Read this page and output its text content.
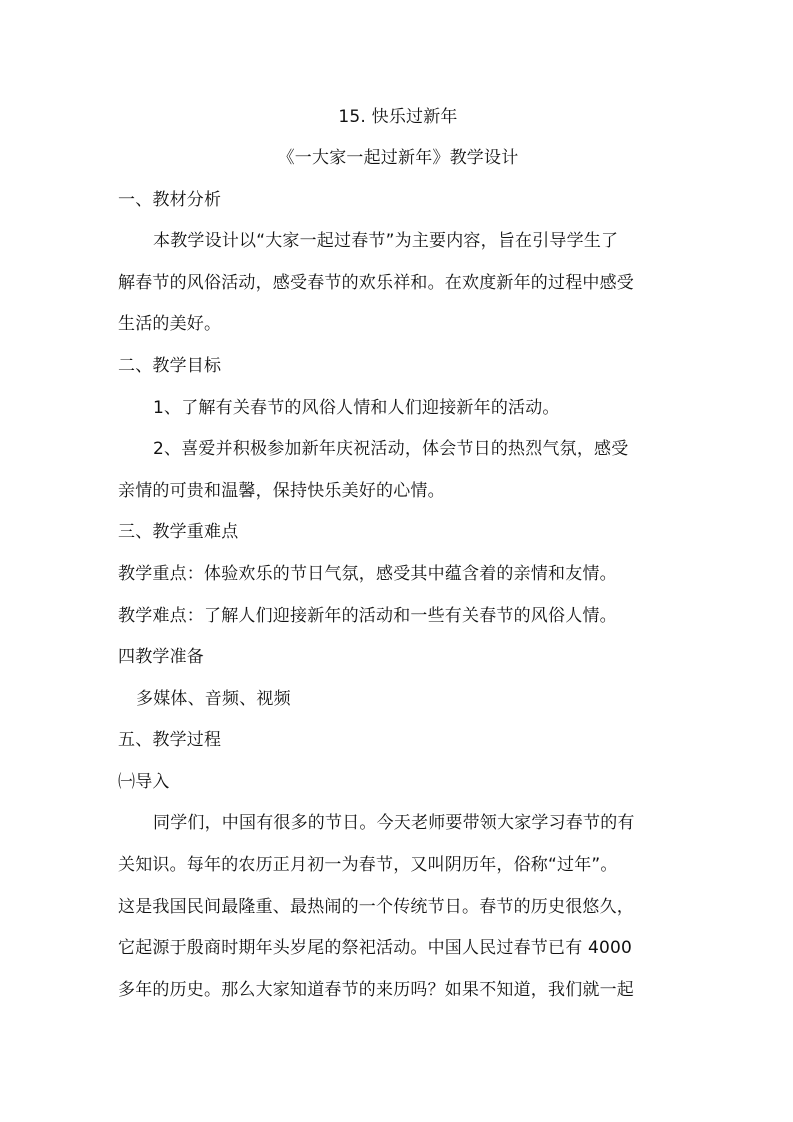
15. 快乐过新年
《一大家一起过新年》教学设计
一、教材分析
本教学设计以“大家一起过春节”为主要内容，旨在引导学生了
解春节的风俗活动，感受春节的欢乐祥和。在欢度新年的过程中感受
生活的美好。
二、教学目标
1、了解有关春节的风俗人情和人们迎接新年的活动。
2、喜爱并积极参加新年庆祝活动，体会节日的热烈气氛，感受
亲情的可贵和温馨，保持快乐美好的心情。
三、教学重难点
教学重点：体验欢乐的节日气氛，感受其中蕴含着的亲情和友情。
教学难点：了解人们迎接新年的活动和一些有关春节的风俗人情。
四教学准备
多媒体、音频、视频
五、教学过程
㈠导入
同学们，中国有很多的节日。今天老师要带领大家学习春节的有
关知识。每年的农历正月初一为春节，又叫阴历年，俗称“过年”。
这是我国民间最隆重、最热闹的一个传统节日。春节的历史很悠久，
它起源于殷商时期年头岁尾的祭祀活动。中国人民过春节已有 4000
多年的历史。那么大家知道春节的来历吗？如果不知道，我们就一起
